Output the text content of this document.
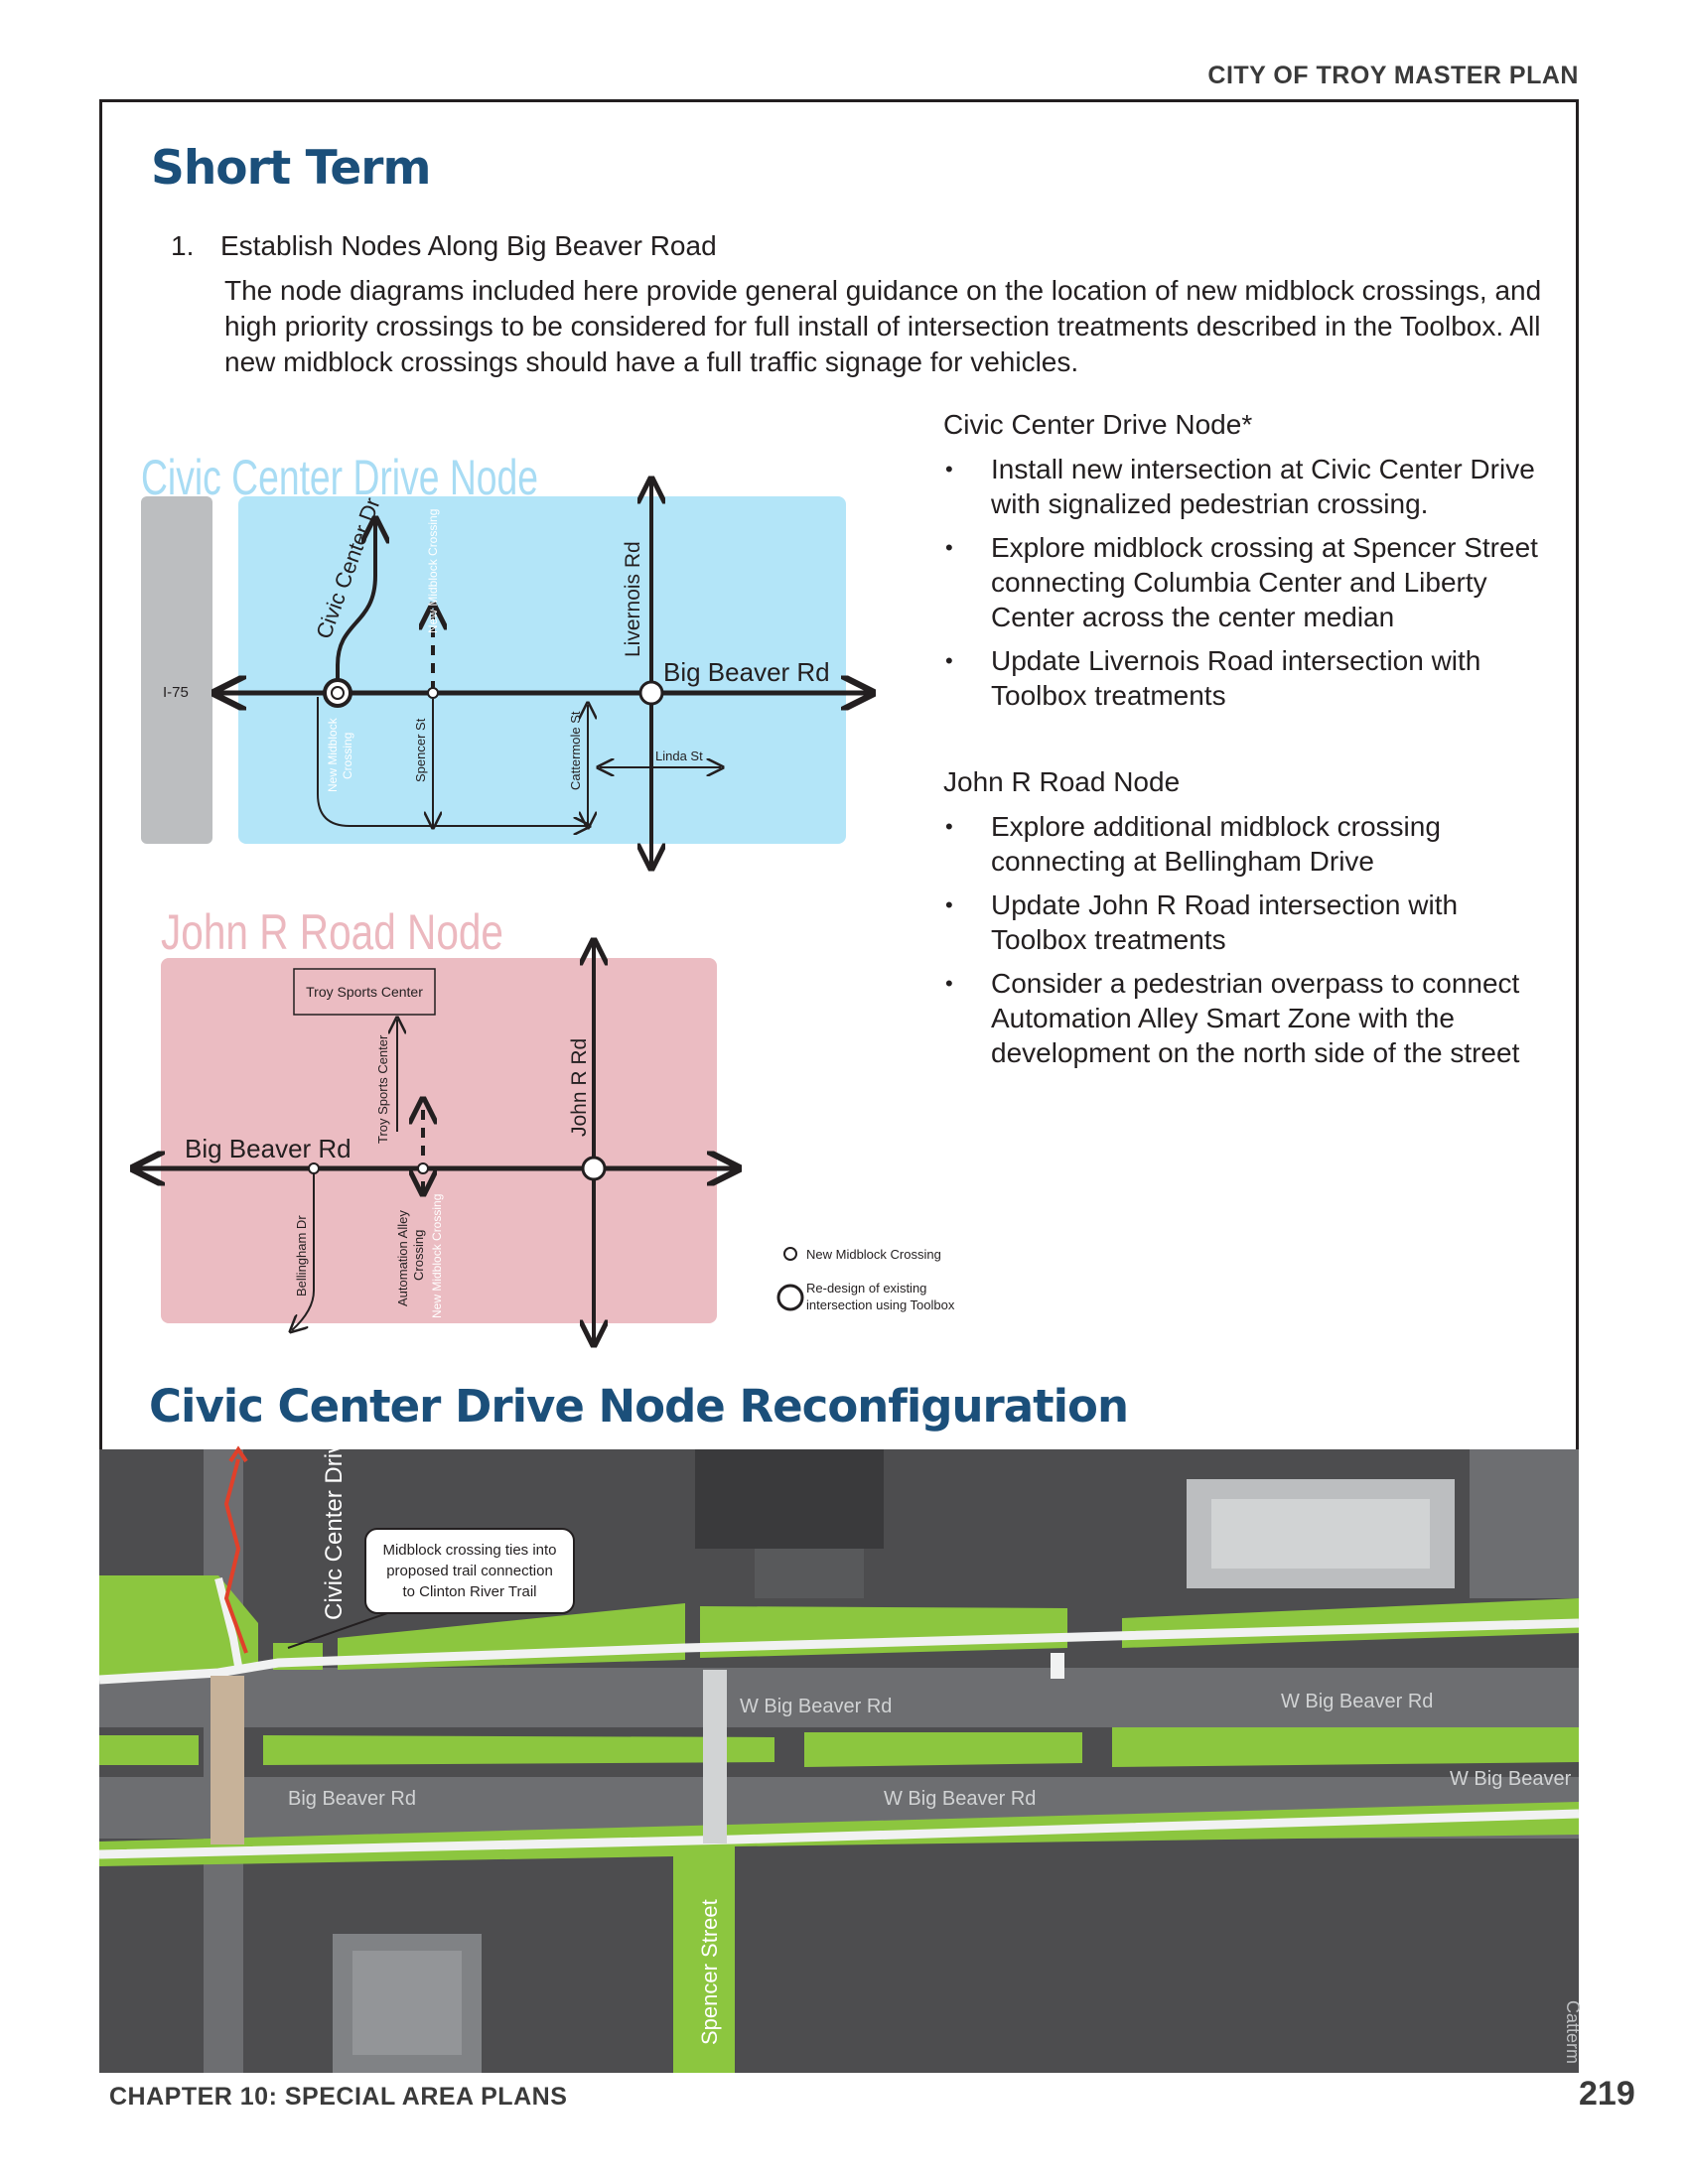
CITY OF TROY MASTER PLAN
Short Term
1. Establish Nodes Along Big Beaver Road
The node diagrams included here provide general guidance on the location of new midblock crossings, and high priority crossings to be considered for full install of intersection treatments described in the Toolbox. All new midblock crossings should have a full traffic signage for vehicles.
Civic Center Drive Node*
• Install new intersection at Civic Center Drive with signalized pedestrian crossing.
• Explore midblock crossing at Spencer Street connecting Columbia Center and Liberty Center across the center median
• Update Livernois Road intersection with Toolbox treatments
John R Road Node
• Explore additional midblock crossing connecting at Bellingham Drive
• Update John R Road intersection with Toolbox treatments
• Consider a pedestrian overpass to connect Automation Alley Smart Zone with the development on the north side of the street
Civic Center Drive Node
I-75
Civic Center Dr	New Midblock Crossing	Livernois Rd
Big Beaver Rd
New Midblock Crossing	Spencer St	Cattermole St	Linda St
John R Road Node
Troy Sports Center
Troy Sports Center	John R Rd
Big Beaver Rd
Bellingham Dr	Automation Alley Crossing New Midblock Crossing	New Midblock Crossing
Re-design of existing
intersection using Toolbox
Civic Center Drive Node Reconfiguration
Midblock crossing ties into
proposed trail connection
to Clinton River Trail
Civic Center Drive
W Big Beaver Rd
W Big Beaver Rd
W Big Beaver Rd
W Big Beaver
Big Beaver Rd
Spencer Street	Catterm
CHAPTER 10: SPECIAL AREA PLANS	219
